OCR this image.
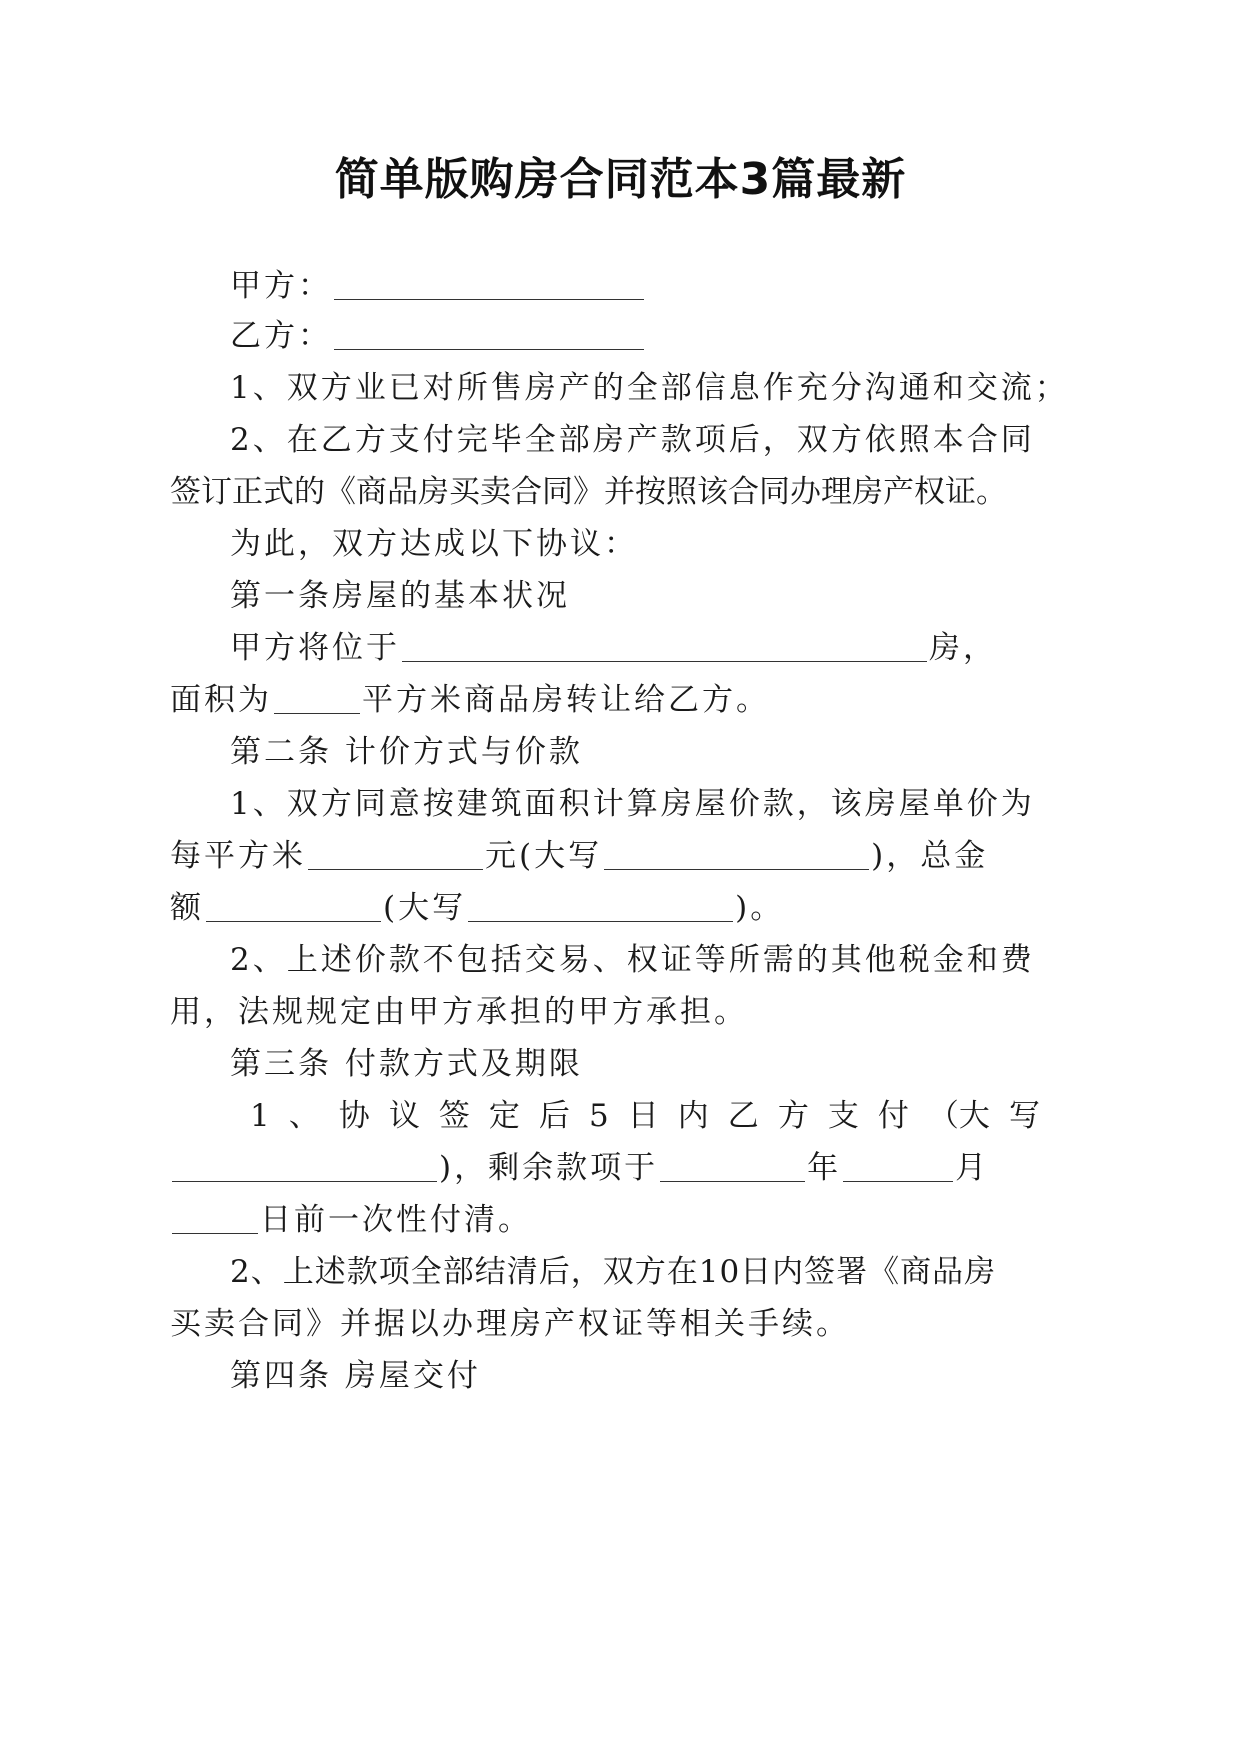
简单版购房合同范本3篇最新
甲方：
乙方：
1、双方业已对所售房产的全部信息作充分沟通和交流；
2、在乙方支付完毕全部房产款项后，双方依照本合同
签订正式的《商品房买卖合同》并按照该合同办理房产权证。
为此，双方达成以下协议：
第一条房屋的基本状况
甲方将位于	房，
面积为	平方米商品房转让给乙方。
第二条 计价方式与价款
1、双方同意按建筑面积计算房屋价款，该房屋单价为
每平方米	元(大写	)，总金
额	(大写	)。
2、上述价款不包括交易、权证等所需的其他税金和费
用，法规规定由甲方承担的甲方承担。
第三条 付款方式及期限
1 、 协 议 签 定 后 5 日 内 乙 方 支 付 （大 写
)，剩余款项于	年	月
日前一次性付清。
2、上述款项全部结清后，双方在10日内签署《商品房
买卖合同》并据以办理房产权证等相关手续。
第四条 房屋交付
